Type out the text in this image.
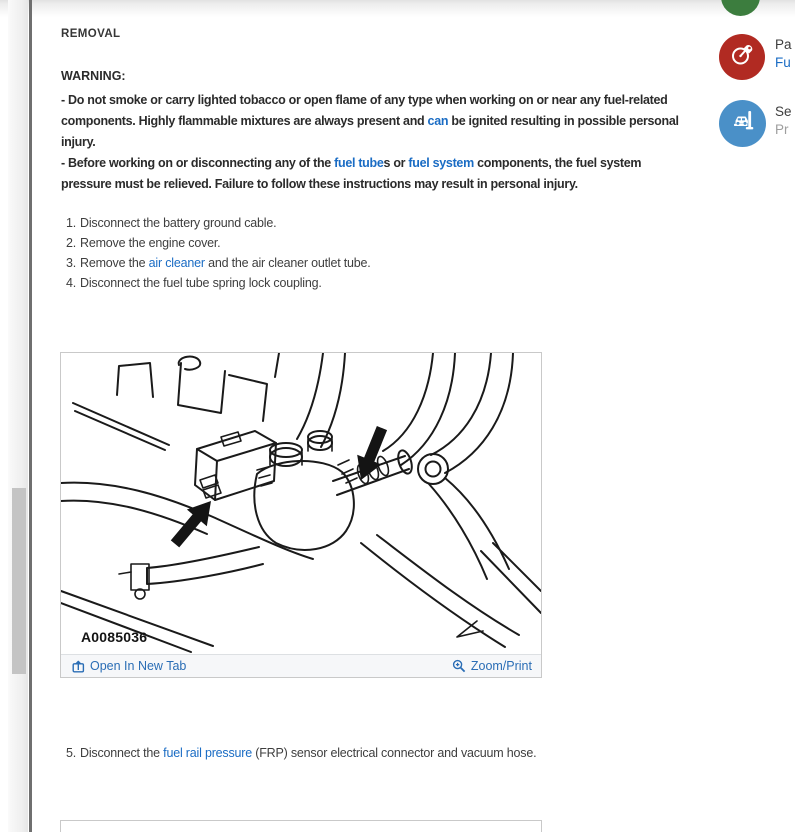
REMOVAL
WARNING:
- Do not smoke or carry lighted tobacco or open flame of any type when working on or near any fuel-related components. Highly flammable mixtures are always present and can be ignited resulting in possible personal injury.
- Before working on or disconnecting any of the fuel tubes or fuel system components, the fuel system pressure must be relieved. Failure to follow these instructions may result in personal injury.
1. Disconnect the battery ground cable.
2. Remove the engine cover.
3. Remove the air cleaner and the air cleaner outlet tube.
4. Disconnect the fuel tube spring lock coupling.
A0085036
Open In New Tab	Zoom/Print
5. Disconnect the fuel rail pressure (FRP) sensor electrical connector and vacuum hose.
Pa
Fu
Se
Pr
